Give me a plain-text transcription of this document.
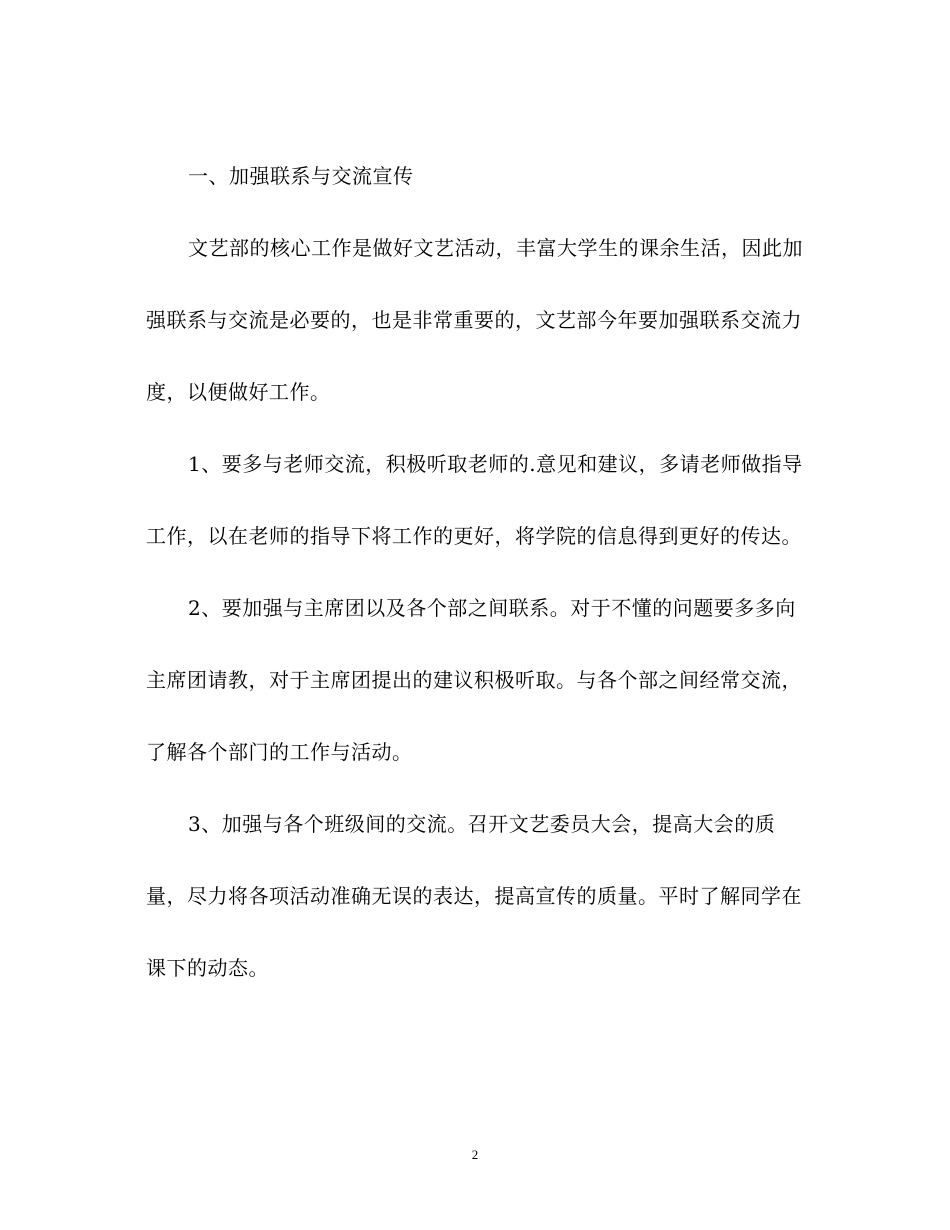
一、加强联系与交流宣传

文艺部的核心工作是做好文艺活动，丰富大学生的课余生活，因此加强联系与交流是必要的，也是非常重要的，文艺部今年要加强联系交流力度，以便做好工作。

1、要多与老师交流，积极听取老师的.意见和建议，多请老师做指导工作，以在老师的指导下将工作的更好，将学院的信息得到更好的传达。

2、要加强与主席团以及各个部之间联系。对于不懂的问题要多多向主席团请教，对于主席团提出的建议积极听取。与各个部之间经常交流，了解各个部门的工作与活动。

3、加强与各个班级间的交流。召开文艺委员大会，提高大会的质量，尽力将各项活动准确无误的表达，提高宣传的质量。平时了解同学在课下的动态。

2
